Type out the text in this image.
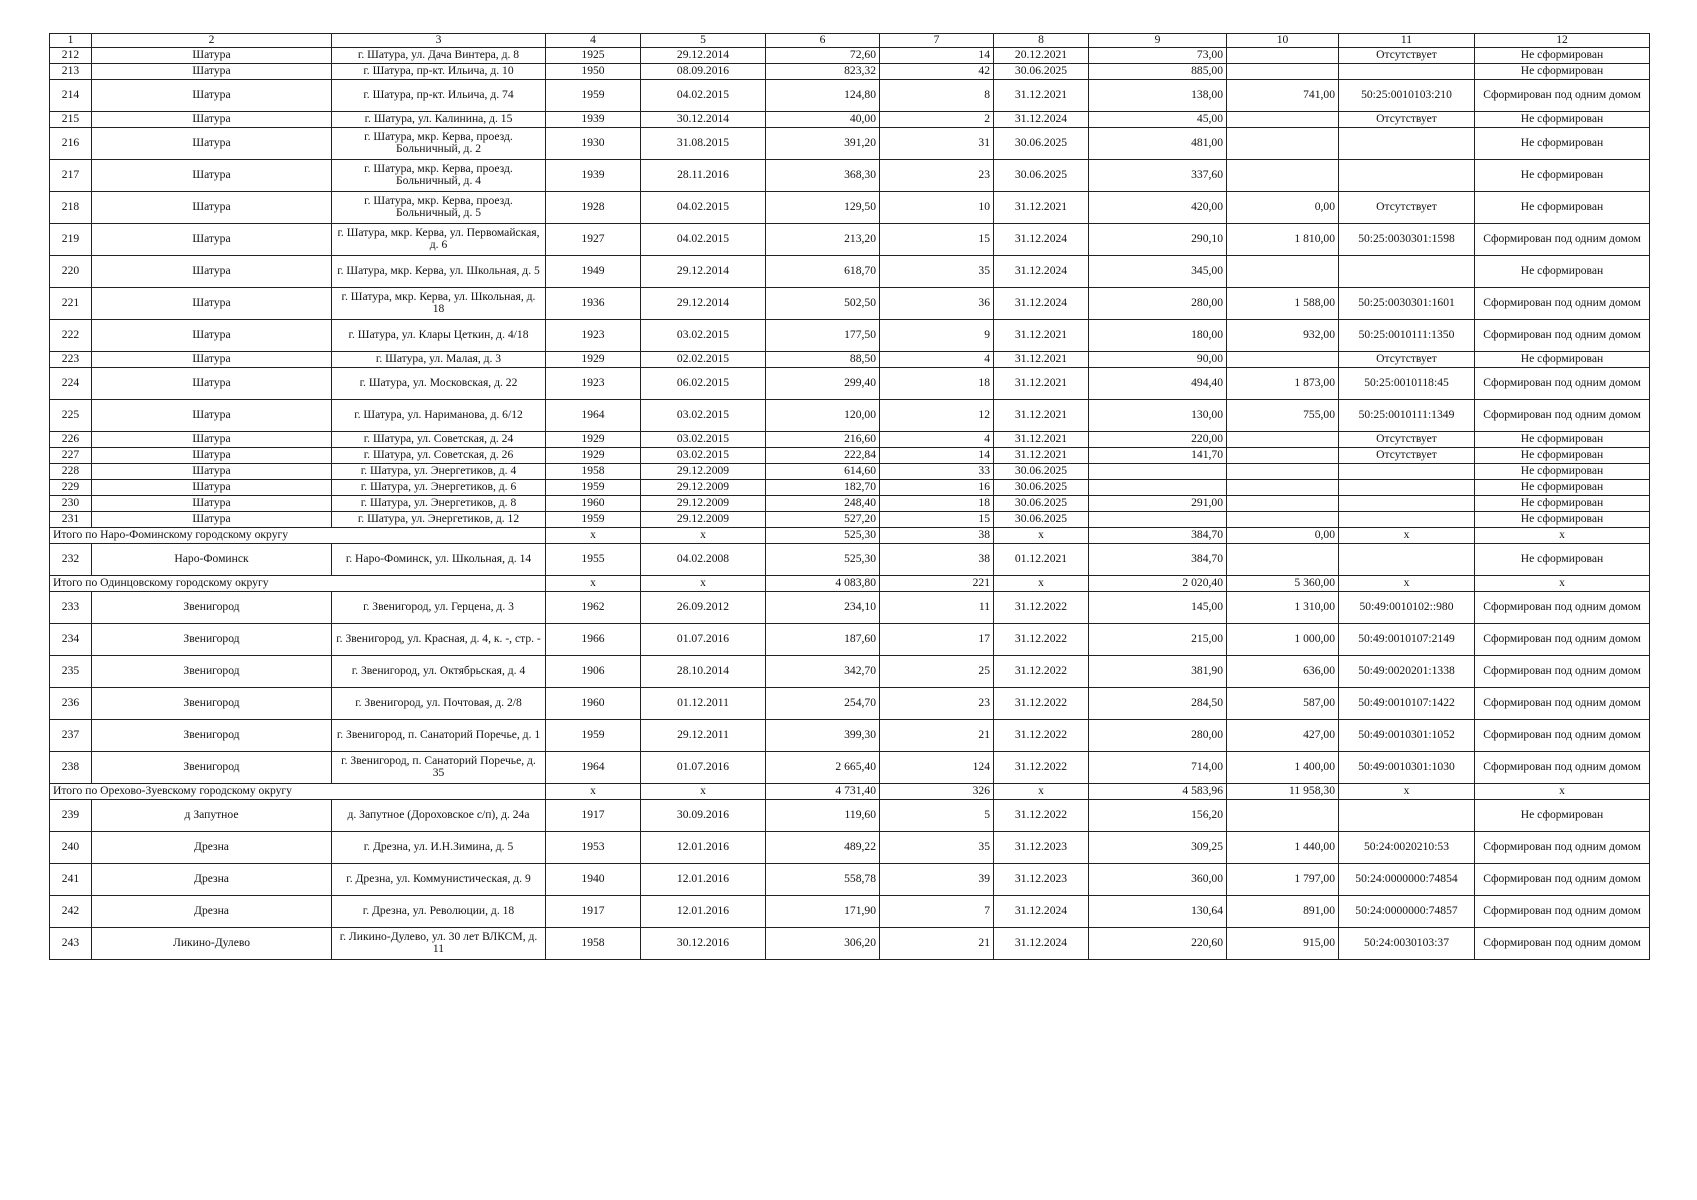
1	2	3	4	5	6	7	8	9	10	11	12
212	Шатура	г. Шатура, ул. Дача Винтера, д. 8	1925	29.12.2014	72,60	14	20.12.2021	73,00		Отсутствует	Не сформирован
213	Шатура	г. Шатура, пр-кт. Ильича, д. 10	1950	08.09.2016	823,32	42	30.06.2025	885,00			Не сформирован
214	Шатура	г. Шатура, пр-кт. Ильича, д. 74	1959	04.02.2015	124,80	8	31.12.2021	138,00	741,00	50:25:0010103:210	Сформирован под одним домом
215	Шатура	г. Шатура, ул. Калинина, д. 15	1939	30.12.2014	40,00	2	31.12.2024	45,00		Отсутствует	Не сформирован
216	Шатура	г. Шатура, мкр. Керва, проезд. Больничный, д. 2	1930	31.08.2015	391,20	31	30.06.2025	481,00			Не сформирован
217	Шатура	г. Шатура, мкр. Керва, проезд. Больничный, д. 4	1939	28.11.2016	368,30	23	30.06.2025	337,60			Не сформирован
218	Шатура	г. Шатура, мкр. Керва, проезд. Больничный, д. 5	1928	04.02.2015	129,50	10	31.12.2021	420,00	0,00	Отсутствует	Не сформирован
219	Шатура	г. Шатура, мкр. Керва, ул. Первомайская, д. 6	1927	04.02.2015	213,20	15	31.12.2024	290,10	1 810,00	50:25:0030301:1598	Сформирован под одним домом
220	Шатура	г. Шатура, мкр. Керва, ул. Школьная, д. 5	1949	29.12.2014	618,70	35	31.12.2024	345,00			Не сформирован
221	Шатура	г. Шатура, мкр. Керва, ул. Школьная, д. 18	1936	29.12.2014	502,50	36	31.12.2024	280,00	1 588,00	50:25:0030301:1601	Сформирован под одним домом
222	Шатура	г. Шатура, ул. Клары Цеткин, д. 4/18	1923	03.02.2015	177,50	9	31.12.2021	180,00	932,00	50:25:0010111:1350	Сформирован под одним домом
223	Шатура	г. Шатура, ул. Малая, д. 3	1929	02.02.2015	88,50	4	31.12.2021	90,00		Отсутствует	Не сформирован
224	Шатура	г. Шатура, ул. Московская, д. 22	1923	06.02.2015	299,40	18	31.12.2021	494,40	1 873,00	50:25:0010118:45	Сформирован под одним домом
225	Шатура	г. Шатура, ул. Нариманова, д. 6/12	1964	03.02.2015	120,00	12	31.12.2021	130,00	755,00	50:25:0010111:1349	Сформирован под одним домом
226	Шатура	г. Шатура, ул. Советская, д. 24	1929	03.02.2015	216,60	4	31.12.2021	220,00		Отсутствует	Не сформирован
227	Шатура	г. Шатура, ул. Советская, д. 26	1929	03.02.2015	222,84	14	31.12.2021	141,70		Отсутствует	Не сформирован
228	Шатура	г. Шатура, ул. Энергетиков, д. 4	1958	29.12.2009	614,60	33	30.06.2025				Не сформирован
229	Шатура	г. Шатура, ул. Энергетиков, д. 6	1959	29.12.2009	182,70	16	30.06.2025				Не сформирован
230	Шатура	г. Шатура, ул. Энергетиков, д. 8	1960	29.12.2009	248,40	18	30.06.2025	291,00			Не сформирован
231	Шатура	г. Шатура, ул. Энергетиков, д. 12	1959	29.12.2009	527,20	15	30.06.2025				Не сформирован
Итого по Наро-Фоминскому городскому округу			x	x	525,30	38	x	384,70	0,00	x	x
232	Наро-Фоминск	г. Наро-Фоминск, ул. Школьная, д. 14	1955	04.02.2008	525,30	38	01.12.2021	384,70			Не сформирован
Итого по Одинцовскому городскому округу			x	x	4 083,80	221	x	2 020,40	5 360,00	x	x
233	Звенигород	г. Звенигород, ул. Герцена, д. 3	1962	26.09.2012	234,10	11	31.12.2022	145,00	1 310,00	50:49:0010102::980	Сформирован под одним домом
234	Звенигород	г. Звенигород, ул. Красная, д. 4, к. -, стр. -	1966	01.07.2016	187,60	17	31.12.2022	215,00	1 000,00	50:49:0010107:2149	Сформирован под одним домом
235	Звенигород	г. Звенигород, ул. Октябрьская, д. 4	1906	28.10.2014	342,70	25	31.12.2022	381,90	636,00	50:49:0020201:1338	Сформирован под одним домом
236	Звенигород	г. Звенигород, ул. Почтовая, д. 2/8	1960	01.12.2011	254,70	23	31.12.2022	284,50	587,00	50:49:0010107:1422	Сформирован под одним домом
237	Звенигород	г. Звенигород, п. Санаторий Поречье, д. 1	1959	29.12.2011	399,30	21	31.12.2022	280,00	427,00	50:49:0010301:1052	Сформирован под одним домом
238	Звенигород	г. Звенигород, п. Санаторий Поречье, д. 35	1964	01.07.2016	2 665,40	124	31.12.2022	714,00	1 400,00	50:49:0010301:1030	Сформирован под одним домом
Итого по Орехово-Зуевскому городскому округу			x	x	4 731,40	326	x	4 583,96	11 958,30	x	x
239	д Запутное	д. Запутное (Дороховское с/п), д. 24а	1917	30.09.2016	119,60	5	31.12.2022	156,20			Не сформирован
240	Дрезна	г. Дрезна, ул. И.Н.Зимина, д. 5	1953	12.01.2016	489,22	35	31.12.2023	309,25	1 440,00	50:24:0020210:53	Сформирован под одним домом
241	Дрезна	г. Дрезна, ул. Коммунистическая, д. 9	1940	12.01.2016	558,78	39	31.12.2023	360,00	1 797,00	50:24:0000000:74854	Сформирован под одним домом
242	Дрезна	г. Дрезна, ул. Революции, д. 18	1917	12.01.2016	171,90	7	31.12.2024	130,64	891,00	50:24:0000000:74857	Сформирован под одним домом
243	Ликино-Дулево	г. Ликино-Дулево, ул. 30 лет ВЛКСМ, д. 11	1958	30.12.2016	306,20	21	31.12.2024	220,60	915,00	50:24:0030103:37	Сформирован под одним домом
